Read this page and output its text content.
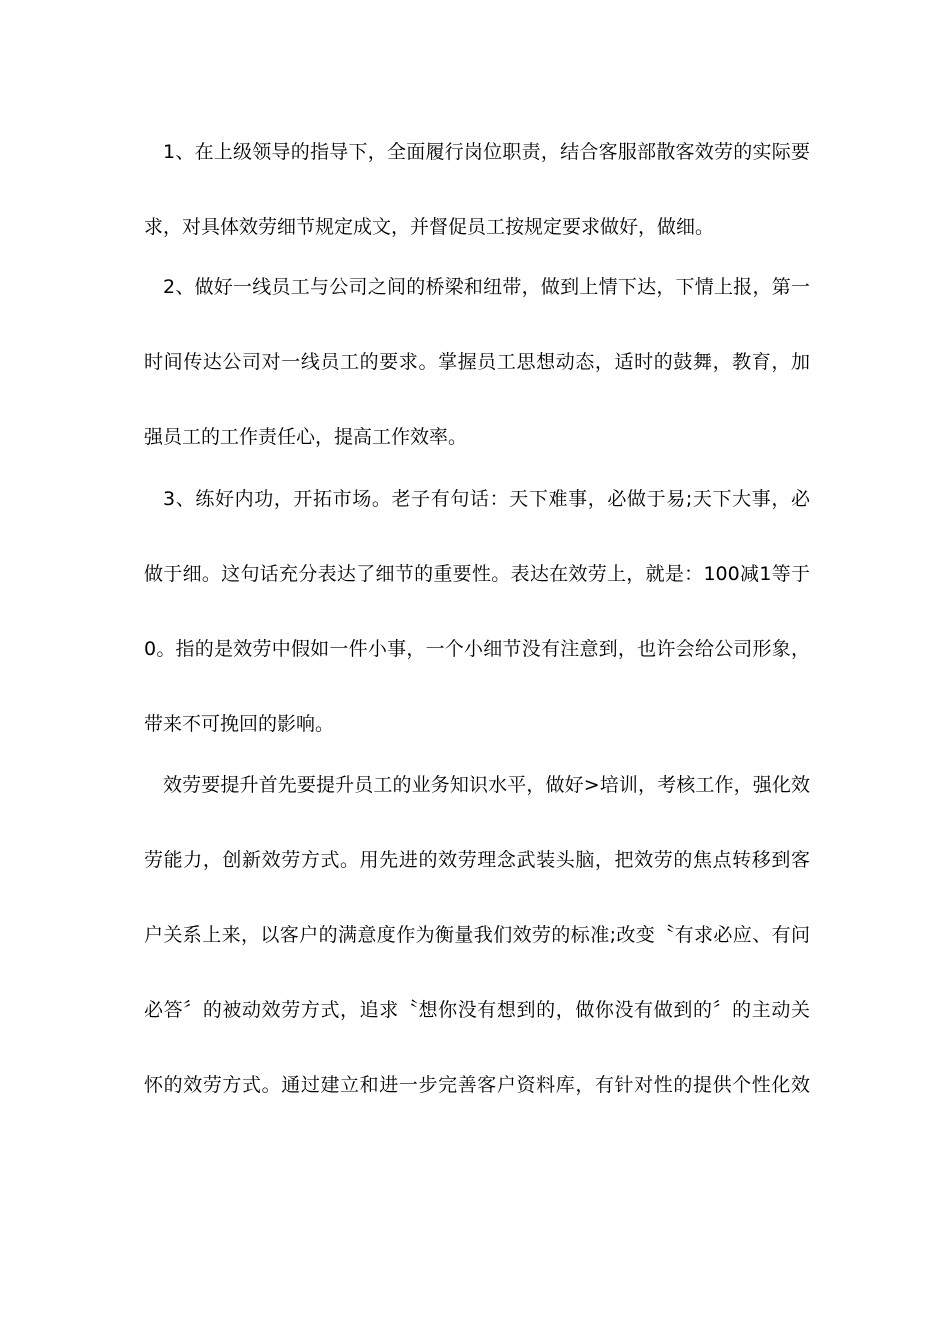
1、在上级领导的指导下，全面履行岗位职责，结合客服部散客效劳的实际要
求，对具体效劳细节规定成文，并督促员工按规定要求做好，做细。
2、做好一线员工与公司之间的桥梁和纽带，做到上情下达，下情上报，第一
时间传达公司对一线员工的要求。掌握员工思想动态，适时的鼓舞，教育，加
强员工的工作责任心，提高工作效率。
3、练好内功，开拓市场。老子有句话：天下难事，必做于易;天下大事，必
做于细。这句话充分表达了细节的重要性。表达在效劳上，就是：100减1等于
0。指的是效劳中假如一件小事，一个小细节没有注意到，也许会给公司形象，
带来不可挽回的影响。
效劳要提升首先要提升员工的业务知识水平，做好>培训，考核工作，强化效
劳能力，创新效劳方式。用先进的效劳理念武装头脑，把效劳的焦点转移到客
户关系上来，以客户的满意度作为衡量我们效劳的标准;改变〝有求必应、有问
必答〞的被动效劳方式，追求〝想你没有想到的，做你没有做到的〞的主动关
怀的效劳方式。通过建立和进一步完善客户资料库，有针对性的提供个性化效
